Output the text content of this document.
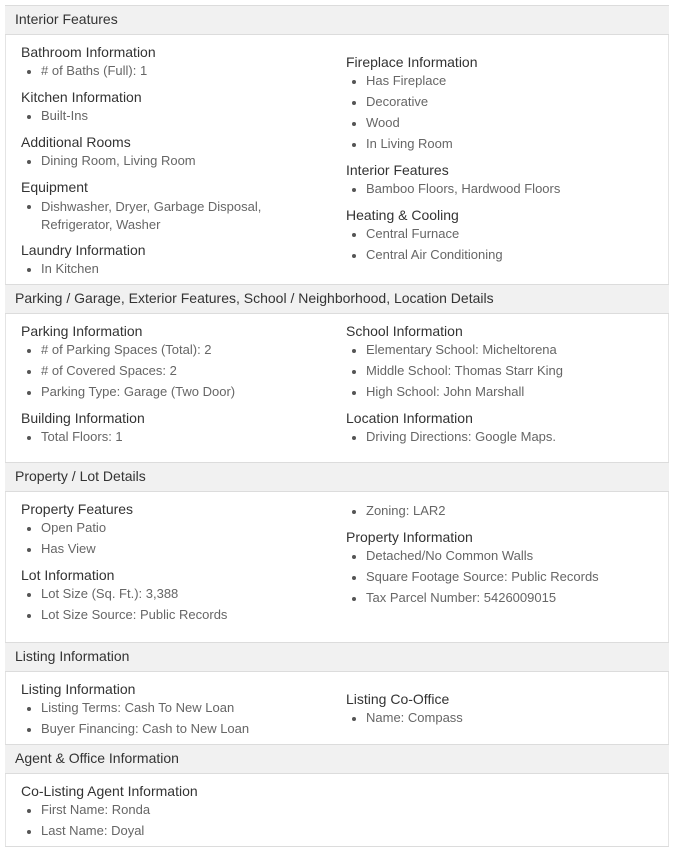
Interior Features
Bathroom Information
# of Baths (Full): 1
Kitchen Information
Built-Ins
Additional Rooms
Dining Room, Living Room
Equipment
Dishwasher, Dryer, Garbage Disposal, Refrigerator, Washer
Laundry Information
In Kitchen
Fireplace Information
Has Fireplace
Decorative
Wood
In Living Room
Interior Features
Bamboo Floors, Hardwood Floors
Heating & Cooling
Central Furnace
Central Air Conditioning
Parking / Garage, Exterior Features, School / Neighborhood, Location Details
Parking Information
# of Parking Spaces (Total): 2
# of Covered Spaces: 2
Parking Type: Garage (Two Door)
Building Information
Total Floors: 1
School Information
Elementary School: Micheltorena
Middle School: Thomas Starr King
High School: John Marshall
Location Information
Driving Directions: Google Maps.
Property / Lot Details
Property Features
Open Patio
Has View
Lot Information
Lot Size (Sq. Ft.): 3,388
Lot Size Source: Public Records
Zoning: LAR2
Property Information
Detached/No Common Walls
Square Footage Source: Public Records
Tax Parcel Number: 5426009015
Listing Information
Listing Information
Listing Terms: Cash To New Loan
Buyer Financing: Cash to New Loan
Listing Co-Office
Name: Compass
Agent & Office Information
Co-Listing Agent Information
First Name: Ronda
Last Name: Doyal
